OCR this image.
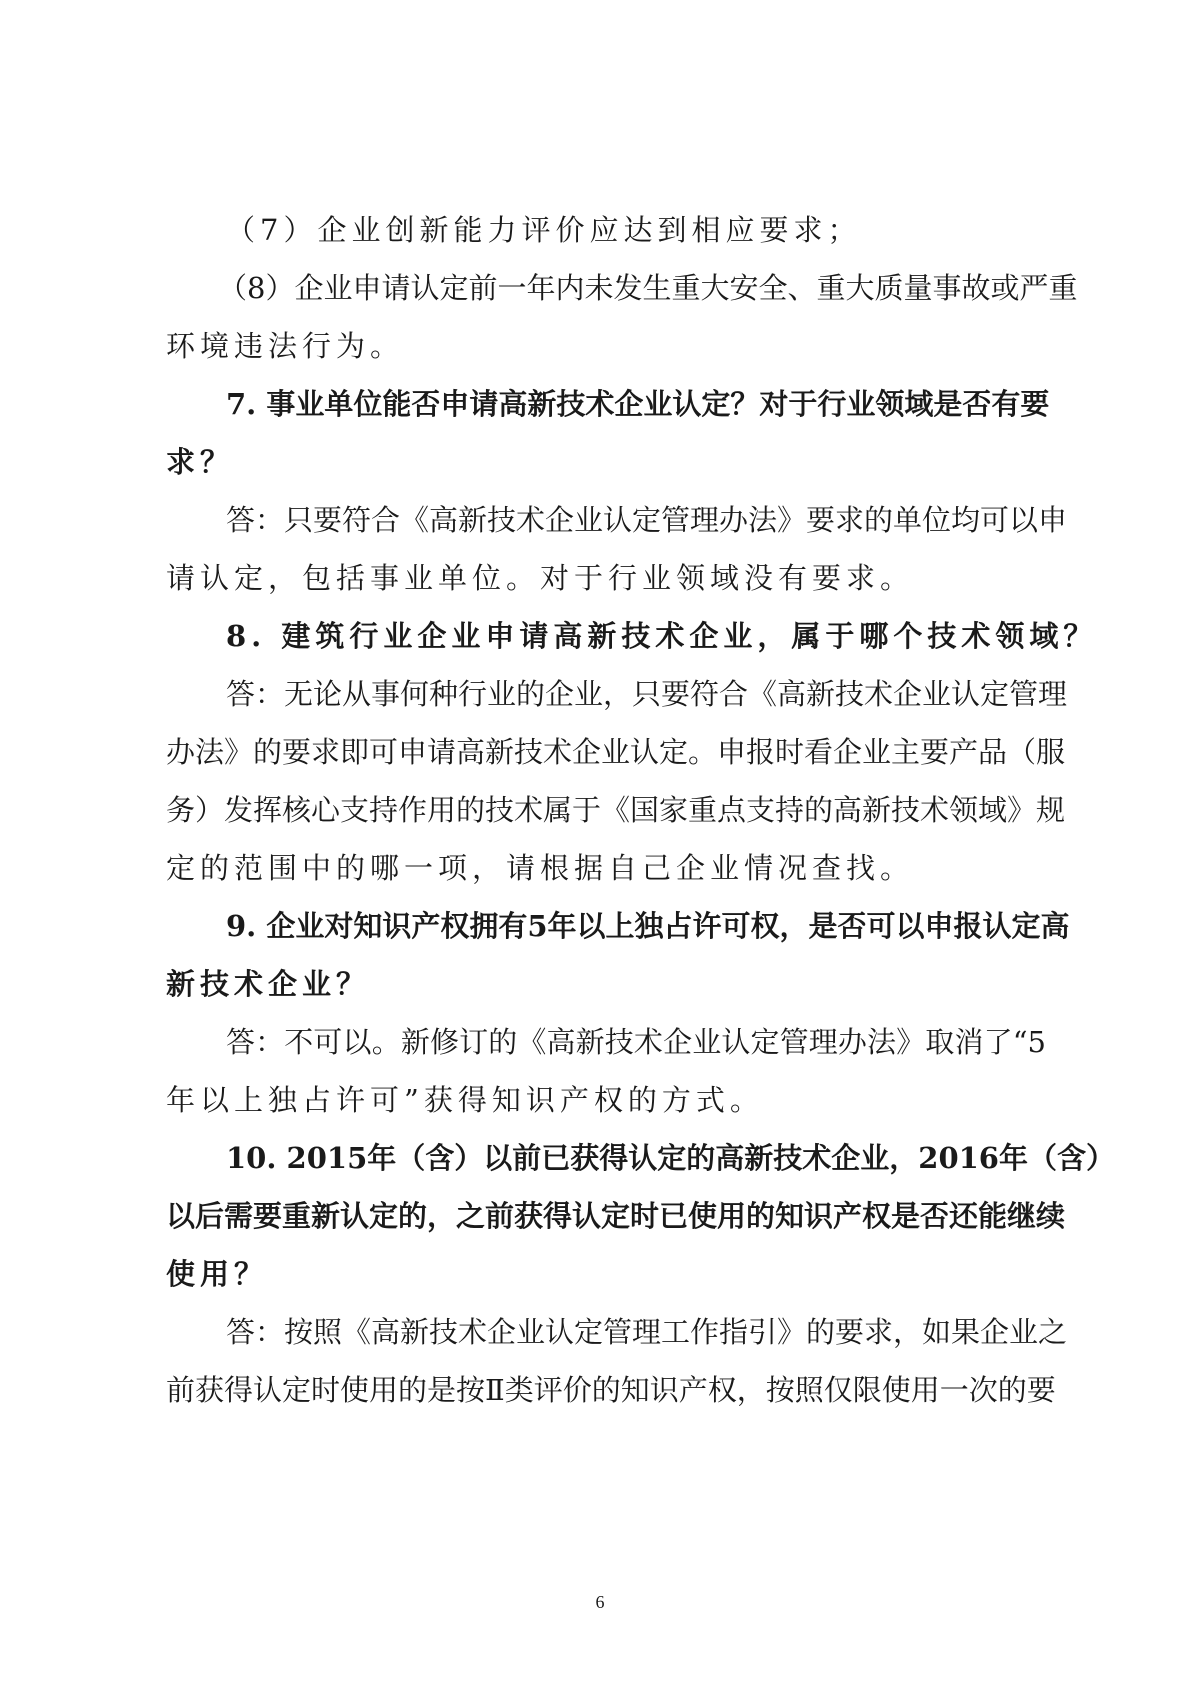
（7）企业创新能力评价应达到相应要求；
（8）企业申请认定前一年内未发生重大安全、重大质量事故或严重
环境违法行为。
7. 事业单位能否申请高新技术企业认定？对于行业领域是否有要
求？
答：只要符合《高新技术企业认定管理办法》要求的单位均可以申
请认定，包括事业单位。对于行业领域没有要求。
8. 建筑行业企业申请高新技术企业，属于哪个技术领域？
答：无论从事何种行业的企业，只要符合《高新技术企业认定管理
办法》的要求即可申请高新技术企业认定。申报时看企业主要产品（服
务）发挥核心支持作用的技术属于《国家重点支持的高新技术领域》规
定的范围中的哪一项，请根据自己企业情况查找。
9. 企业对知识产权拥有5年以上独占许可权，是否可以申报认定高
新技术企业？
答：不可以。新修订的《高新技术企业认定管理办法》取消了“5
年以上独占许可”获得知识产权的方式。
10. 2015年（含）以前已获得认定的高新技术企业，2016年（含）
以后需要重新认定的，之前获得认定时已使用的知识产权是否还能继续
使用？
答：按照《高新技术企业认定管理工作指引》的要求，如果企业之
前获得认定时使用的是按Ⅱ类评价的知识产权，按照仅限使用一次的要
6
